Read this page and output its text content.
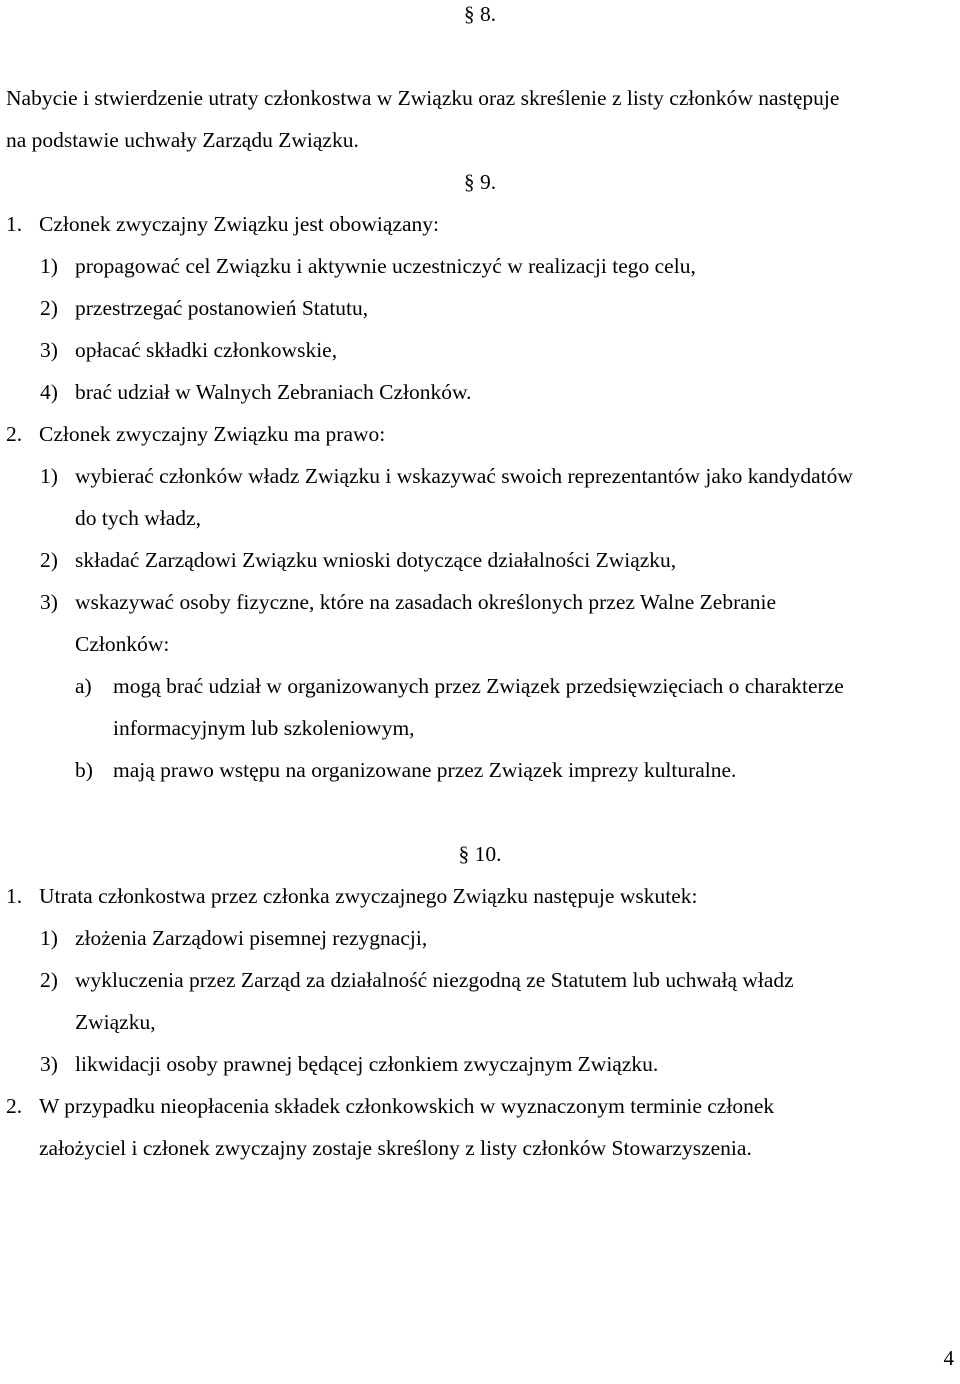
§ 8.
Nabycie i stwierdzenie utraty członkostwa w Związku oraz skreślenie z listy członków następuje
na podstawie uchwały Zarządu Związku.
§ 9.
1. Członek zwyczajny Związku jest obowiązany:
1) propagować cel Związku i aktywnie uczestniczyć w realizacji tego celu,
2) przestrzegać postanowień Statutu,
3) opłacać składki członkowskie,
4) brać udział w Walnych Zebraniach Członków.
2. Członek zwyczajny Związku ma prawo:
1) wybierać członków władz Związku i wskazywać swoich reprezentantów jako kandydatów
do tych władz,
2) składać Zarządowi Związku wnioski dotyczące działalności Związku,
3) wskazywać osoby fizyczne, które na zasadach określonych przez Walne Zebranie
Członków:
a) mogą brać udział w organizowanych przez Związek przedsięwzięciach o charakterze
informacyjnym lub szkoleniowym,
b) mają prawo wstępu na organizowane przez Związek imprezy kulturalne.
§ 10.
1. Utrata członkostwa przez członka zwyczajnego Związku następuje wskutek:
1) złożenia Zarządowi pisemnej rezygnacji,
2) wykluczenia przez Zarząd za działalność niezgodną ze Statutem lub uchwałą władz
Związku,
3) likwidacji osoby prawnej będącej członkiem zwyczajnym Związku.
2. W przypadku nieopłacenia składek członkowskich w wyznaczonym terminie członek
założyciel i członek zwyczajny zostaje skreślony z listy członków Stowarzyszenia.
4
